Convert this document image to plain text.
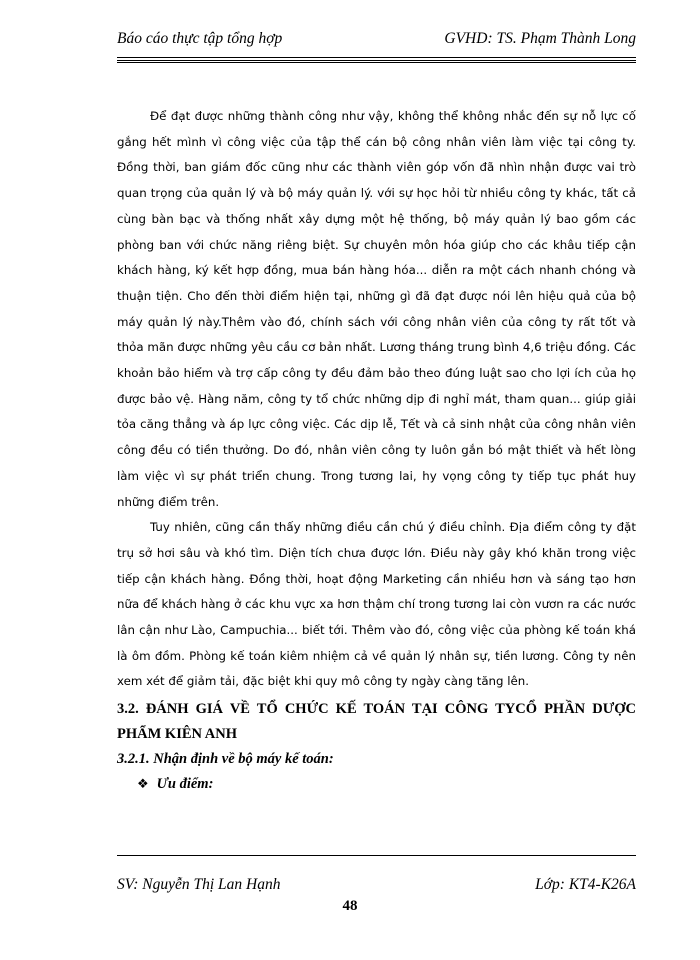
Báo cáo thực tập tổng hợp	GVHD: TS. Phạm Thành Long

Để đạt được những thành công như vậy, không thể không nhắc đến sự nỗ lực cố gắng hết mình vì công việc của tập thể cán bộ công nhân viên làm việc tại công ty. Đồng thời, ban giám đốc cũng như các thành viên góp vốn đã nhìn nhận được vai trò quan trọng của quản lý và bộ máy quản lý. với sự học hỏi từ nhiều công ty khác, tất cả cùng bàn bạc và thống nhất xây dựng một hệ thống, bộ máy quản lý bao gồm các phòng ban với chức năng riêng biệt. Sự chuyên môn hóa giúp cho các khâu tiếp cận khách hàng, ký kết hợp đồng, mua bán hàng hóa... diễn ra một cách nhanh chóng và thuận tiện. Cho đến thời điểm hiện tại, những gì đã đạt được nói lên hiệu quả của bộ máy quản lý này.Thêm vào đó, chính sách với công nhân viên của công ty rất tốt và thỏa mãn được những yêu cầu cơ bản nhất. Lương tháng trung bình 4,6 triệu đồng. Các khoản bảo hiểm và trợ cấp công ty đều đảm bảo theo đúng luật sao cho lợi ích của họ được bảo vệ. Hàng năm, công ty tổ chức những dịp đi nghỉ mát, tham quan... giúp giải tỏa căng thẳng và áp lực công việc. Các dịp lễ, Tết và cả sinh nhật của công nhân viên công đều có tiền thưởng. Do đó, nhân viên công ty luôn gắn bó mật thiết và hết lòng làm việc vì sự phát triển chung. Trong tương lai, hy vọng công ty tiếp tục phát huy những điểm trên.

Tuy nhiên, cũng cần thấy những điều cần chú ý điều chỉnh. Địa điểm công ty đặt trụ sở hơi sâu và khó tìm. Diện tích chưa được lớn. Điều này gây khó khăn trong việc tiếp cận khách hàng. Đồng thời, hoạt động Marketing cần nhiều hơn và sáng tạo hơn nữa để khách hàng ở các khu vực xa hơn thậm chí trong tương lai còn vươn ra các nước lân cận như Lào, Campuchia... biết tới. Thêm vào đó, công việc của phòng kế toán khá là ôm đồm. Phòng kế toán kiêm nhiệm cả về quản lý nhân sự, tiền lương. Công ty nên xem xét để giảm tải, đặc biệt khi quy mô công ty ngày càng tăng lên.

3.2. ĐÁNH GIÁ VỀ TỔ CHỨC KẾ TOÁN TẠI CÔNG TYCỔ PHẦN DƯỢC PHẨM KIÊN ANH
3.2.1. Nhận định về bộ máy kế toán:
❖ Ưu điểm:
SV: Nguyễn Thị Lan Hạnh	Lớp: KT4-K26A
48
